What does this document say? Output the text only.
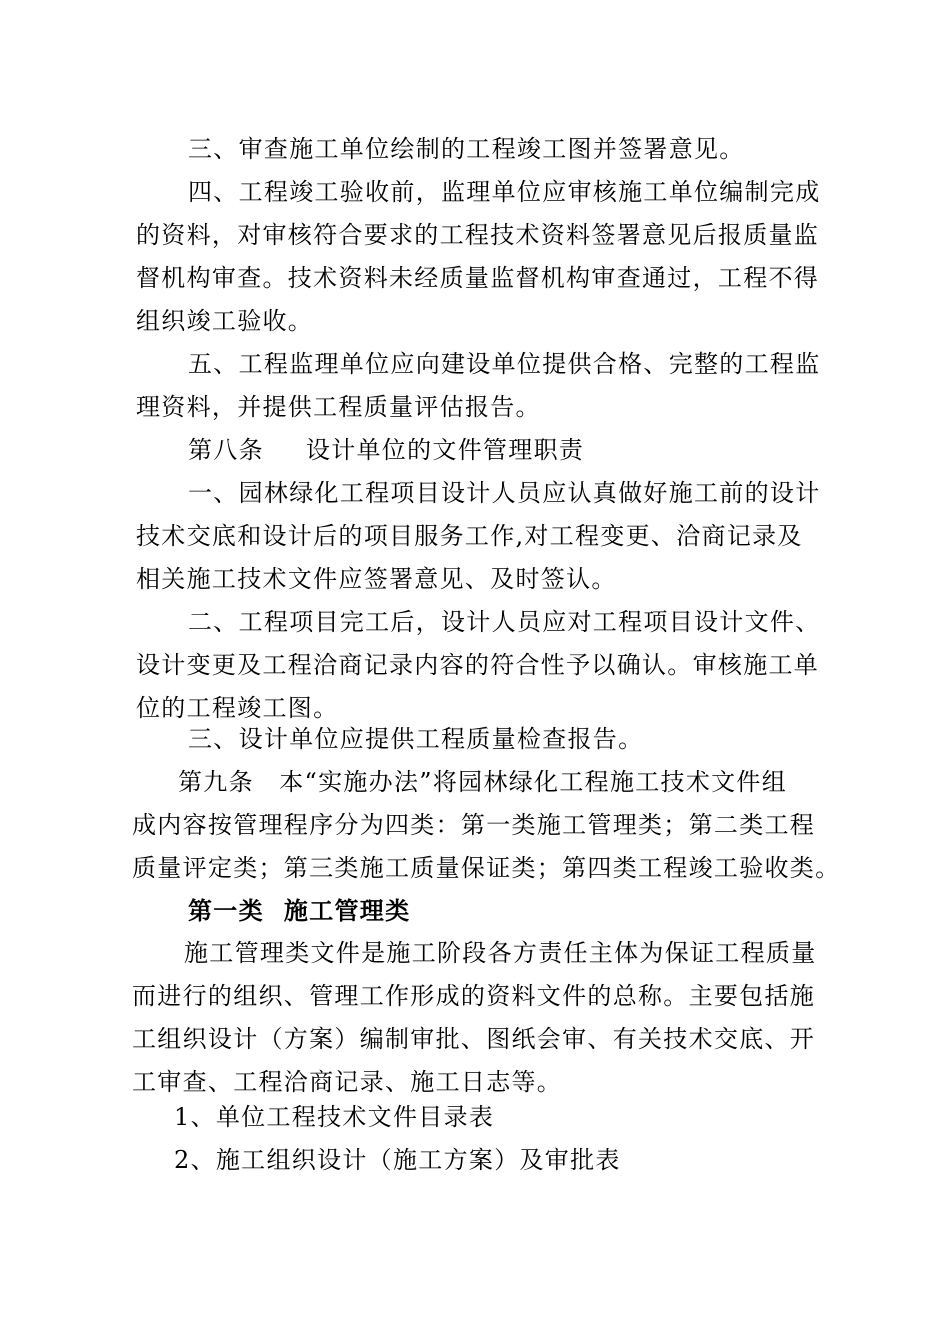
三、审查施工单位绘制的工程竣工图并签署意见。

四、工程竣工验收前，监理单位应审核施工单位编制完成
的资料，对审核符合要求的工程技术资料签署意见后报质量监
督机构审查。技术资料未经质量监督机构审查通过，工程不得
组织竣工验收。

五、工程监理单位应向建设单位提供合格、完整的工程监
理资料，并提供工程质量评估报告。

第八条 设计单位的文件管理职责

一、园林绿化工程项目设计人员应认真做好施工前的设计
技术交底和设计后的项目服务工作,对工程变更、洽商记录及
相关施工技术文件应签署意见、及时签认。

二、工程项目完工后，设计人员应对工程项目设计文件、
设计变更及工程洽商记录内容的符合性予以确认。审核施工单
位的工程竣工图。

三、设计单位应提供工程质量检查报告。

第九条　本“实施办法”将园林绿化工程施工技术文件组
成内容按管理程序分为四类：第一类施工管理类；第二类工程
质量评定类；第三类施工质量保证类；第四类工程竣工验收类。

第一类 施工管理类

施工管理类文件是施工阶段各方责任主体为保证工程质量
而进行的组织、管理工作形成的资料文件的总称。主要包括施
工组织设计（方案）编制审批、图纸会审、有关技术交底、开
工审查、工程洽商记录、施工日志等。

1、单位工程技术文件目录表
2、施工组织设计（施工方案）及审批表
